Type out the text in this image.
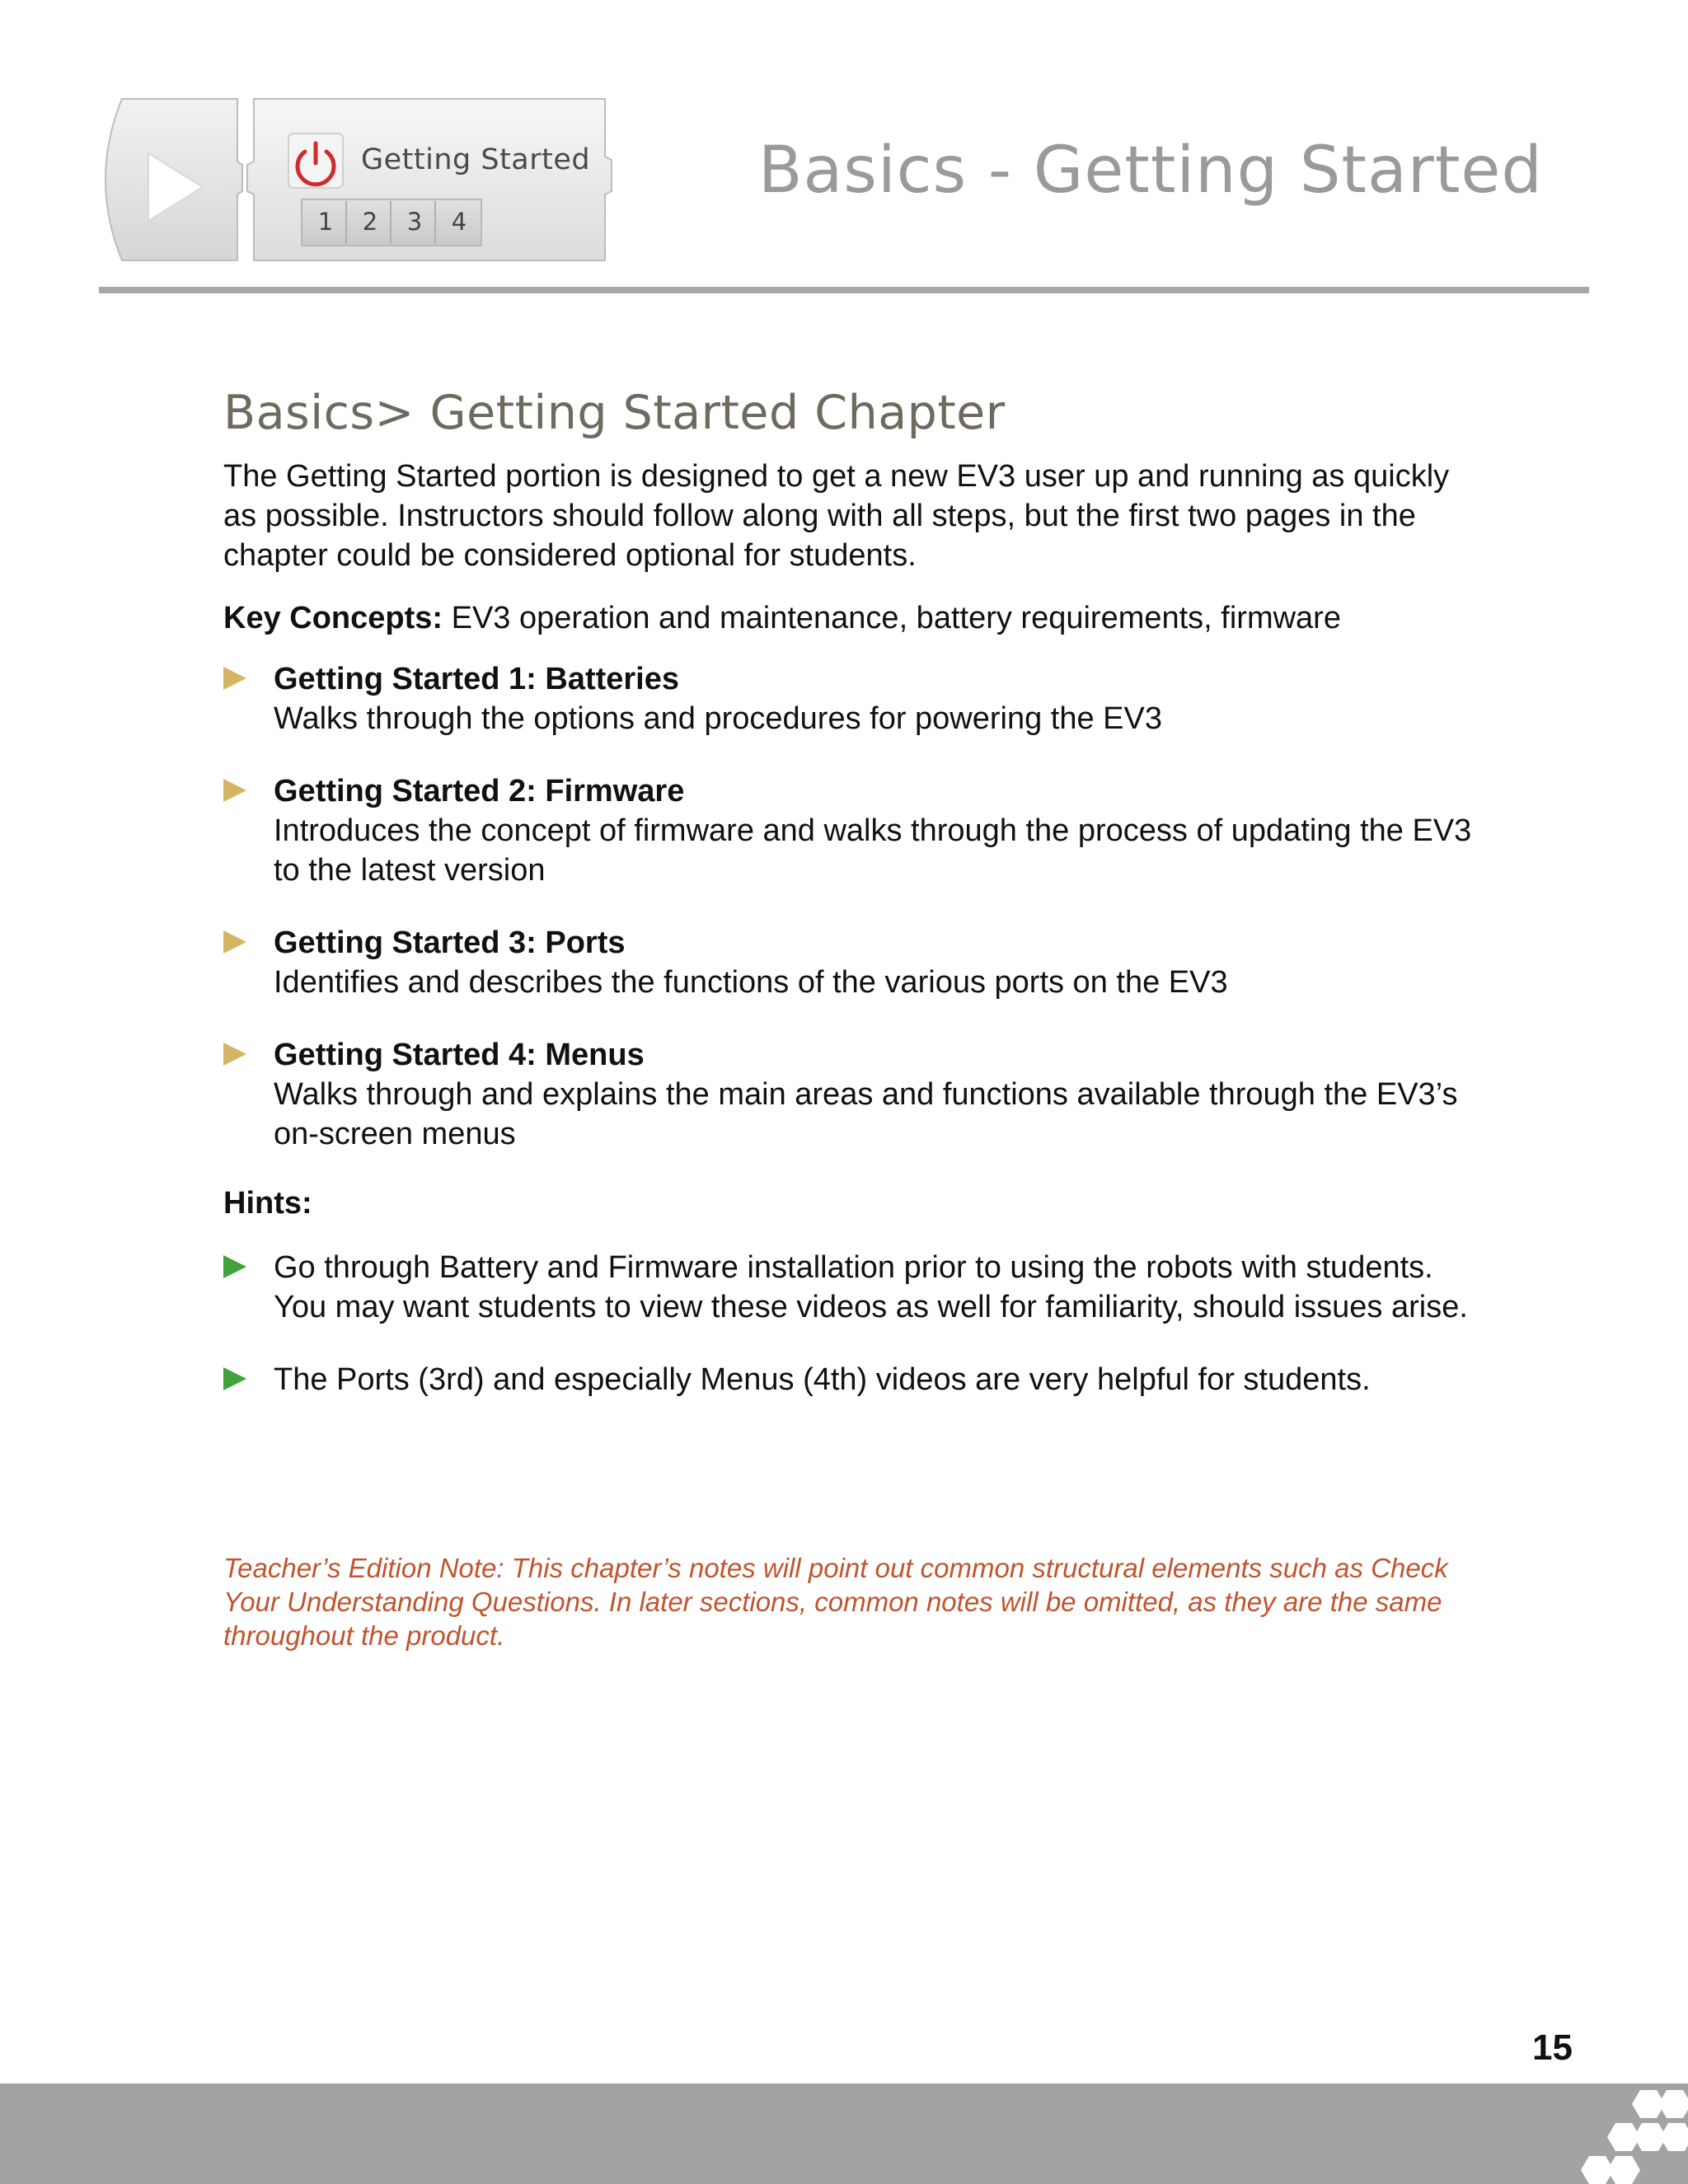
Getting Started
1 2 3 4
Basics - Getting Started
Basics> Getting Started Chapter

The Getting Started portion is designed to get a new EV3 user up and running as quickly as possible. Instructors should follow along with all steps, but the first two pages in the chapter could be considered optional for students.

Key Concepts: EV3 operation and maintenance, battery requirements, firmware

Getting Started 1: Batteries
Walks through the options and procedures for powering the EV3
Getting Started 2: Firmware
Introduces the concept of firmware and walks through the process of updating the EV3 to the latest version
Getting Started 3: Ports
Identifies and describes the functions of the various ports on the EV3
Getting Started 4: Menus
Walks through and explains the main areas and functions available through the EV3’s on-screen menus
Hints:
Go through Battery and Firmware installation prior to using the robots with students. You may want students to view these videos as well for familiarity, should issues arise.
The Ports (3rd) and especially Menus (4th) videos are very helpful for students.
Teacher’s Edition Note: This chapter’s notes will point out common structural elements such as Check Your Understanding Questions. In later sections, common notes will be omitted, as they are the same throughout the product.
15
